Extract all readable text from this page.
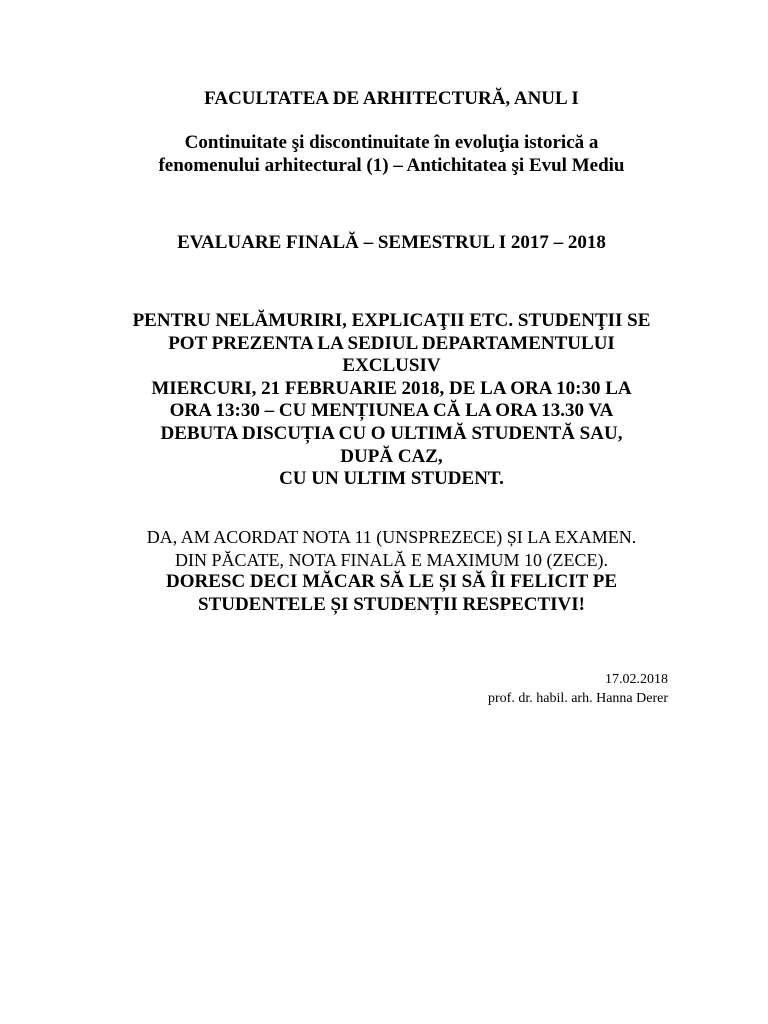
FACULTATEA DE ARHITECTURĂ, ANUL I
Continuitate şi discontinuitate în evoluţia istorică a
fenomenului arhitectural (1) – Antichitatea şi Evul Mediu
EVALUARE FINALĂ – SEMESTRUL I 2017 – 2018
PENTRU NELĂMURIRI, EXPLICAŢII ETC. STUDENŢII SE
POT PREZENTA LA SEDIUL DEPARTAMENTULUI
EXCLUSIV
MIERCURI, 21 FEBRUARIE 2018, DE LA ORA 10:30 LA
ORA 13:30 – CU MENȚIUNEA CĂ LA ORA 13.30 VA
DEBUTA DISCUȚIA CU O ULTIMĂ STUDENTĂ SAU,
DUPĂ CAZ,
CU UN ULTIM STUDENT.
DA, AM ACORDAT NOTA 11 (UNSPREZECE) ȘI LA EXAMEN.
DIN PĂCATE, NOTA FINALĂ E MAXIMUM 10 (ZECE).
DORESC DECI MĂCAR SĂ LE ȘI SĂ ÎI FELICIT PE
STUDENTELE ȘI STUDENȚII RESPECTIVI!
17.02.2018
prof. dr. habil. arh. Hanna Derer
